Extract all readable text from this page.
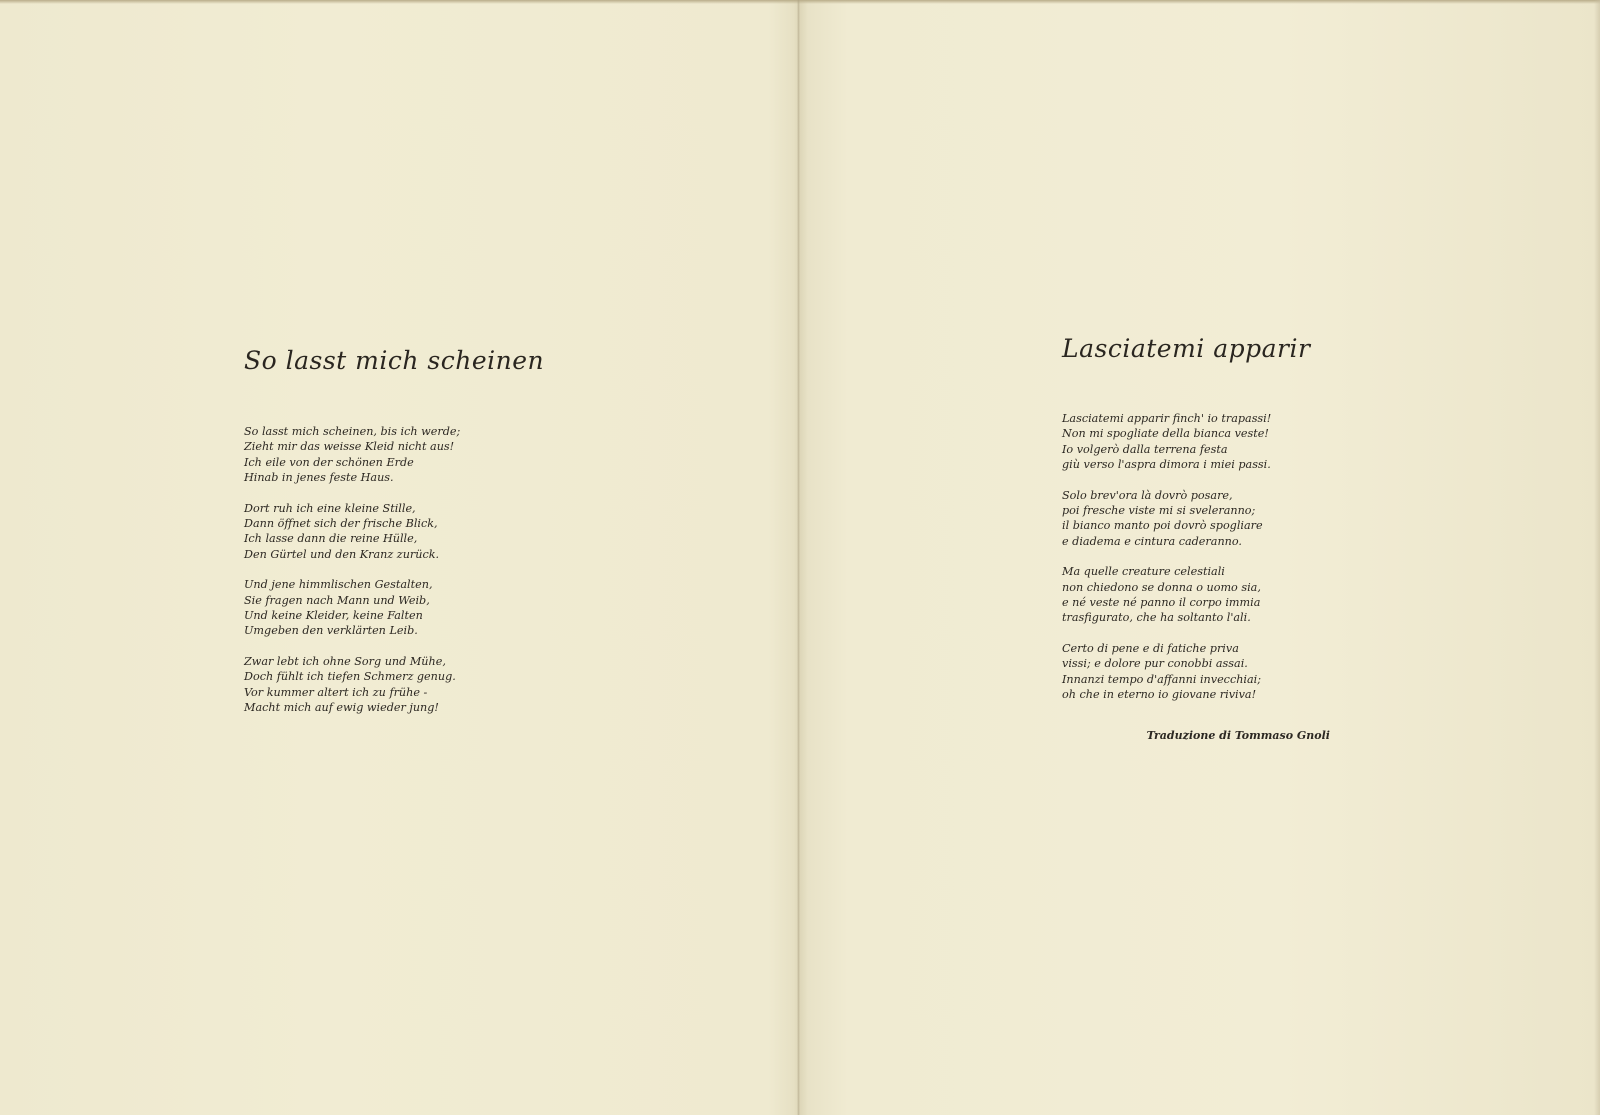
So lasst mich scheinen
So lasst mich scheinen, bis ich werde;
Zieht mir das weisse Kleid nicht aus!
Ich eile von der schönen Erde
Hinab in jenes feste Haus.
Dort ruh ich eine kleine Stille,
Dann öffnet sich der frische Blick,
Ich lasse dann die reine Hülle,
Den Gürtel und den Kranz zurück.
Und jene himmlischen Gestalten,
Sie fragen nach Mann und Weib,
Und keine Kleider, keine Falten
Umgeben den verklärten Leib.
Zwar lebt ich ohne Sorg und Mühe,
Doch fühlt ich tiefen Schmerz genug.
Vor kummer altert ich zu frühe -
Macht mich auf ewig wieder jung!
Lasciatemi apparir
Lasciatemi apparir finch' io trapassi!
Non mi spogliate della bianca veste!
Io volgerò dalla terrena festa
giù verso l'aspra dimora i miei passi.
Solo brev'ora là dovrò posare,
poi fresche viste mi si sveleranno;
il bianco manto poi dovrò spogliare
e diadema e cintura caderanno.
Ma quelle creature celestiali
non chiedono se donna o uomo sia,
e né veste né panno il corpo immia
trasfigurato, che ha soltanto l'ali.
Certo di pene e di fatiche priva
vissi; e dolore pur conobbi assai.
Innanzi tempo d'affanni invecchiai;
oh che in eterno io giovane riviva!
Traduzione di Tommaso Gnoli
